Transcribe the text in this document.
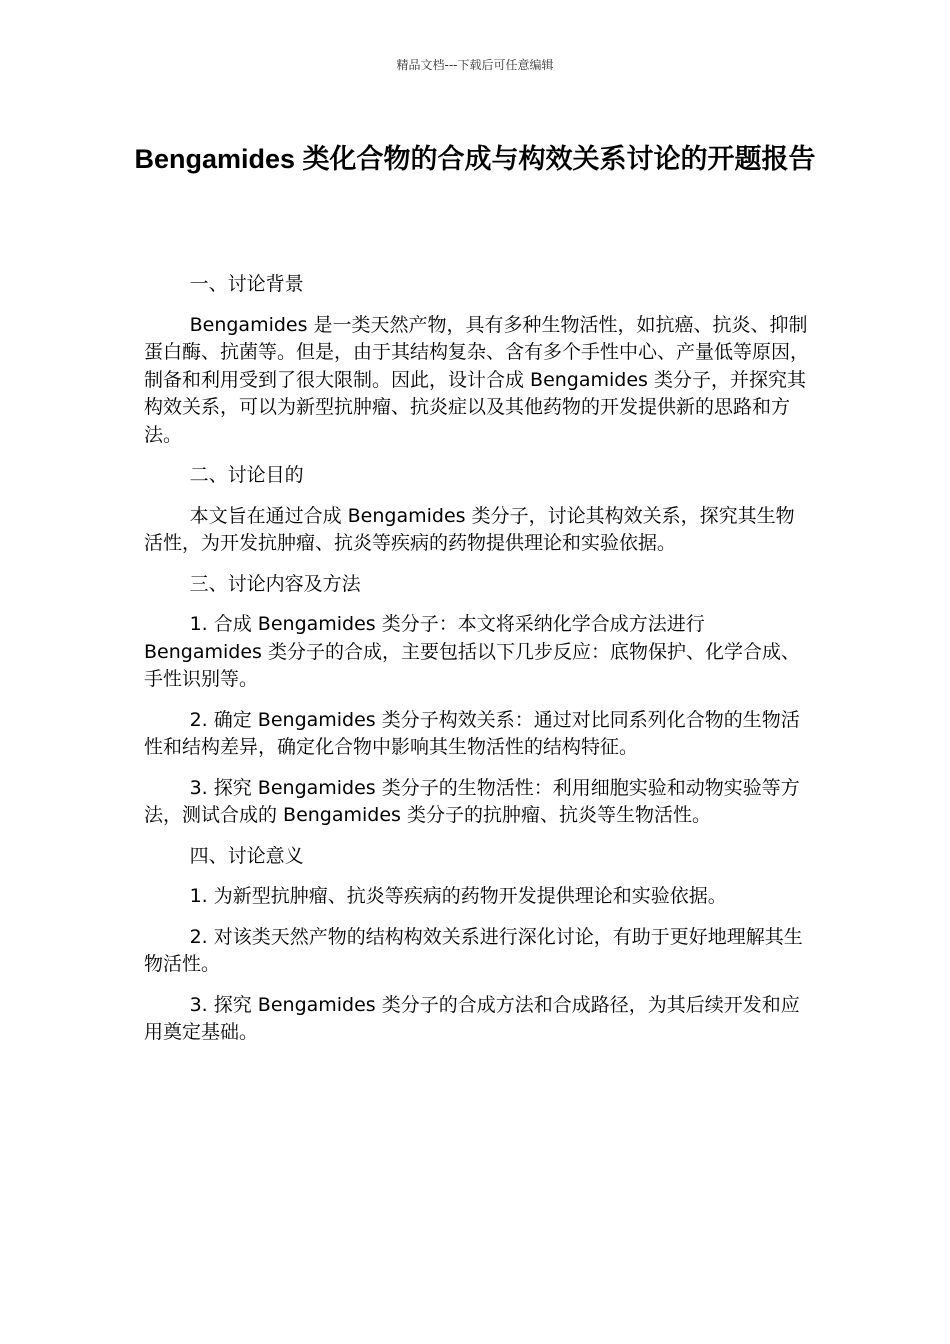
精品文档---下载后可任意编辑
Bengamides 类化合物的合成与构效关系讨论的开题报告

一、讨论背景

Bengamides 是一类天然产物，具有多种生物活性，如抗癌、抗炎、抑制蛋白酶、抗菌等。但是，由于其结构复杂、含有多个手性中心、产量低等原因，制备和利用受到了很大限制。因此，设计合成 Bengamides 类分子，并探究其构效关系，可以为新型抗肿瘤、抗炎症以及其他药物的开发提供新的思路和方法。

二、讨论目的

本文旨在通过合成 Bengamides 类分子，讨论其构效关系，探究其生物活性，为开发抗肿瘤、抗炎等疾病的药物提供理论和实验依据。

三、讨论内容及方法

1. 合成 Bengamides 类分子：本文将采纳化学合成方法进行 Bengamides 类分子的合成，主要包括以下几步反应：底物保护、化学合成、手性识别等。

2. 确定 Bengamides 类分子构效关系：通过对比同系列化合物的生物活性和结构差异，确定化合物中影响其生物活性的结构特征。

3. 探究 Bengamides 类分子的生物活性：利用细胞实验和动物实验等方法，测试合成的 Bengamides 类分子的抗肿瘤、抗炎等生物活性。

四、讨论意义

1. 为新型抗肿瘤、抗炎等疾病的药物开发提供理论和实验依据。

2. 对该类天然产物的结构构效关系进行深化讨论，有助于更好地理解其生物活性。

3. 探究 Bengamides 类分子的合成方法和合成路径，为其后续开发和应用奠定基础。
